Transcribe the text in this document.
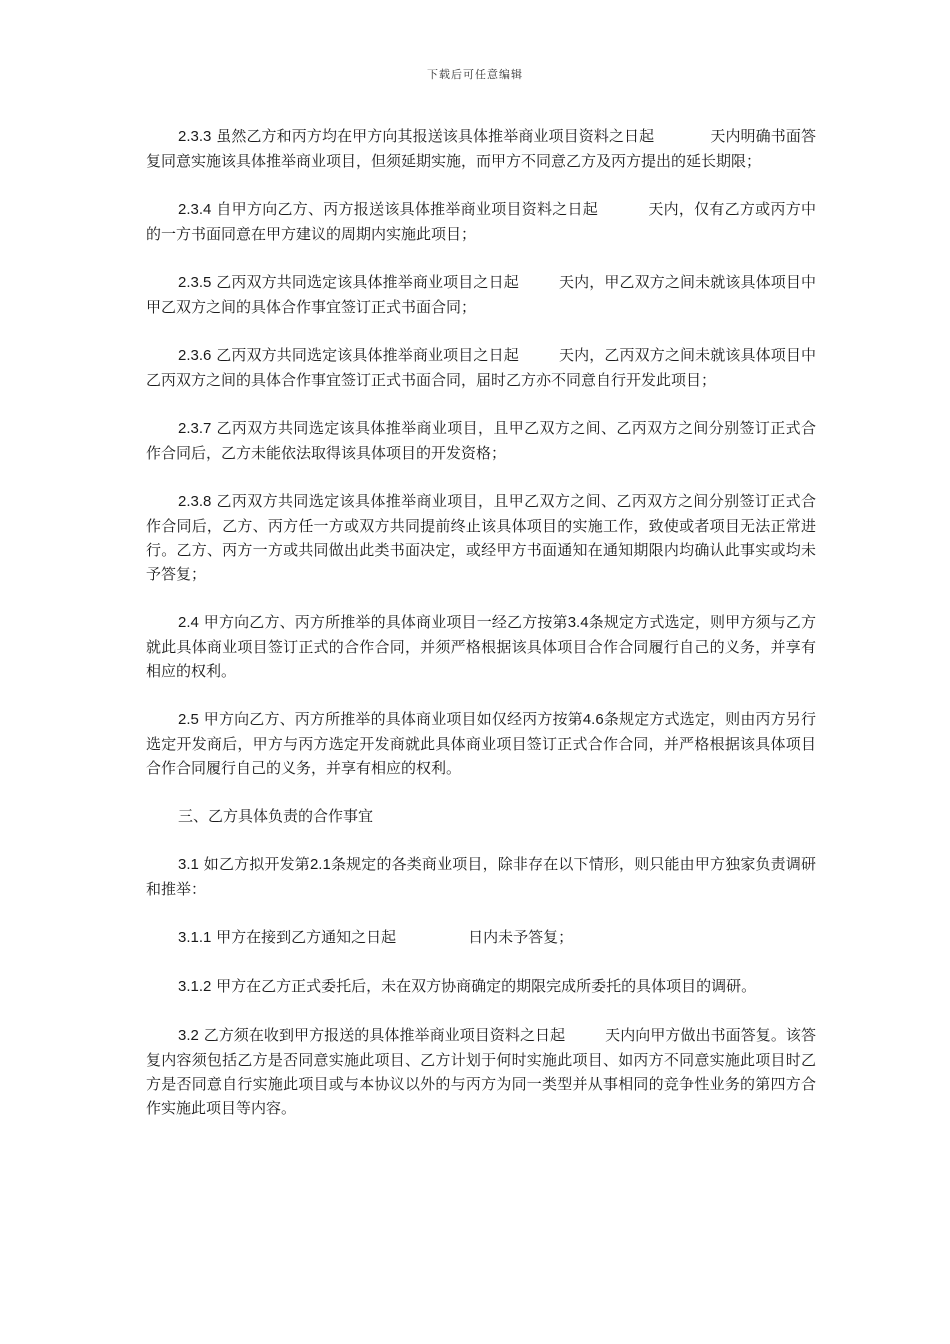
下载后可任意编辑

2.3.3 虽然乙方和丙方均在甲方向其报送该具体推举商业项目资料之日起	天内明确书面答复同意实施该具体推举商业项目，但须延期实施，而甲方不同意乙方及丙方提出的延长期限；

2.3.4 自甲方向乙方、丙方报送该具体推举商业项目资料之日起	天内，仅有乙方或丙方中的一方书面同意在甲方建议的周期内实施此项目；

2.3.5 乙丙双方共同选定该具体推举商业项目之日起	天内，甲乙双方之间未就该具体项目中甲乙双方之间的具体合作事宜签订正式书面合同；

2.3.6 乙丙双方共同选定该具体推举商业项目之日起	天内，乙丙双方之间未就该具体项目中乙丙双方之间的具体合作事宜签订正式书面合同，届时乙方亦不同意自行开发此项目；

2.3.7 乙丙双方共同选定该具体推举商业项目，且甲乙双方之间、乙丙双方之间分别签订正式合作合同后，乙方未能依法取得该具体项目的开发资格；

2.3.8 乙丙双方共同选定该具体推举商业项目，且甲乙双方之间、乙丙双方之间分别签订正式合作合同后，乙方、丙方任一方或双方共同提前终止该具体项目的实施工作，致使或者项目无法正常进行。乙方、丙方一方或共同做出此类书面决定，或经甲方书面通知在通知期限内均确认此事实或均未予答复；

2.4 甲方向乙方、丙方所推举的具体商业项目一经乙方按第3.4条规定方式选定，则甲方须与乙方就此具体商业项目签订正式的合作合同，并须严格根据该具体项目合作合同履行自己的义务，并享有相应的权利。

2.5 甲方向乙方、丙方所推举的具体商业项目如仅经丙方按第4.6条规定方式选定，则由丙方另行选定开发商后，甲方与丙方选定开发商就此具体商业项目签订正式合作合同，并严格根据该具体项目合作合同履行自己的义务，并享有相应的权利。

三、乙方具体负责的合作事宜

3.1 如乙方拟开发第2.1条规定的各类商业项目，除非存在以下情形，则只能由甲方独家负责调研和推举：

3.1.1 甲方在接到乙方通知之日起	日内未予答复；

3.1.2 甲方在乙方正式委托后，未在双方协商确定的期限完成所委托的具体项目的调研。

3.2 乙方须在收到甲方报送的具体推举商业项目资料之日起	天内向甲方做出书面答复。该答复内容须包括乙方是否同意实施此项目、乙方计划于何时实施此项目、如丙方不同意实施此项目时乙方是否同意自行实施此项目或与本协议以外的与丙方为同一类型并从事相同的竞争性业务的第四方合作实施此项目等内容。
